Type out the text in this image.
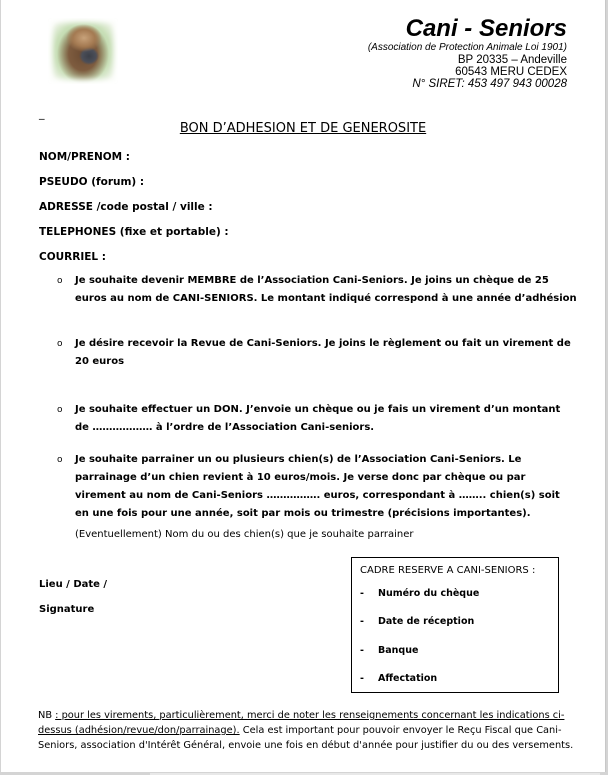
Cani - Seniors
(Association de Protection Animale Loi 1901)
BP 20335 – Andeville
60543 MERU CEDEX
N° SIRET: 453 497 943 00028
_
BON D’ADHESION ET DE GENEROSITE
NOM/PRENOM :
PSEUDO (forum) :
ADRESSE /code postal / ville :
TELEPHONES (fixe et portable) :
COURRIEL :
o Je souhaite devenir MEMBRE de l’Association Cani-Seniors. Je joins un chèque de 25 euros au nom de CANI-SENIORS. Le montant indiqué correspond à une année d’adhésion
o Je désire recevoir la Revue de Cani-Seniors. Je joins le règlement ou fait un virement de 20 euros
o Je souhaite effectuer un DON. J’envoie un chèque ou je fais un virement d’un montant de ……………… à l’ordre de l’Association Cani-seniors.
o Je souhaite parrainer un ou plusieurs chien(s) de l’Association Cani-Seniors. Le parrainage d’un chien revient à 10 euros/mois. Je verse donc par chèque ou par virement au nom de Cani-Seniors ……………. euros, correspondant à …….. chien(s) soit en une fois pour une année, soit par mois ou trimestre (précisions importantes).
(Eventuellement) Nom du ou des chien(s) que je souhaite parrainer
Lieu / Date /
Signature
CADRE RESERVE A CANI-SENIORS :
- Numéro du chèque
- Date de réception
- Banque
- Affectation
NB : pour les virements, particulièrement, merci de noter les renseignements concernant les indications ci-dessus (adhésion/revue/don/parrainage). Cela est important pour pouvoir envoyer le Reçu Fiscal que Cani-Seniors, association d'Intérêt Général, envoie une fois en début d'année pour justifier du ou des versements.
